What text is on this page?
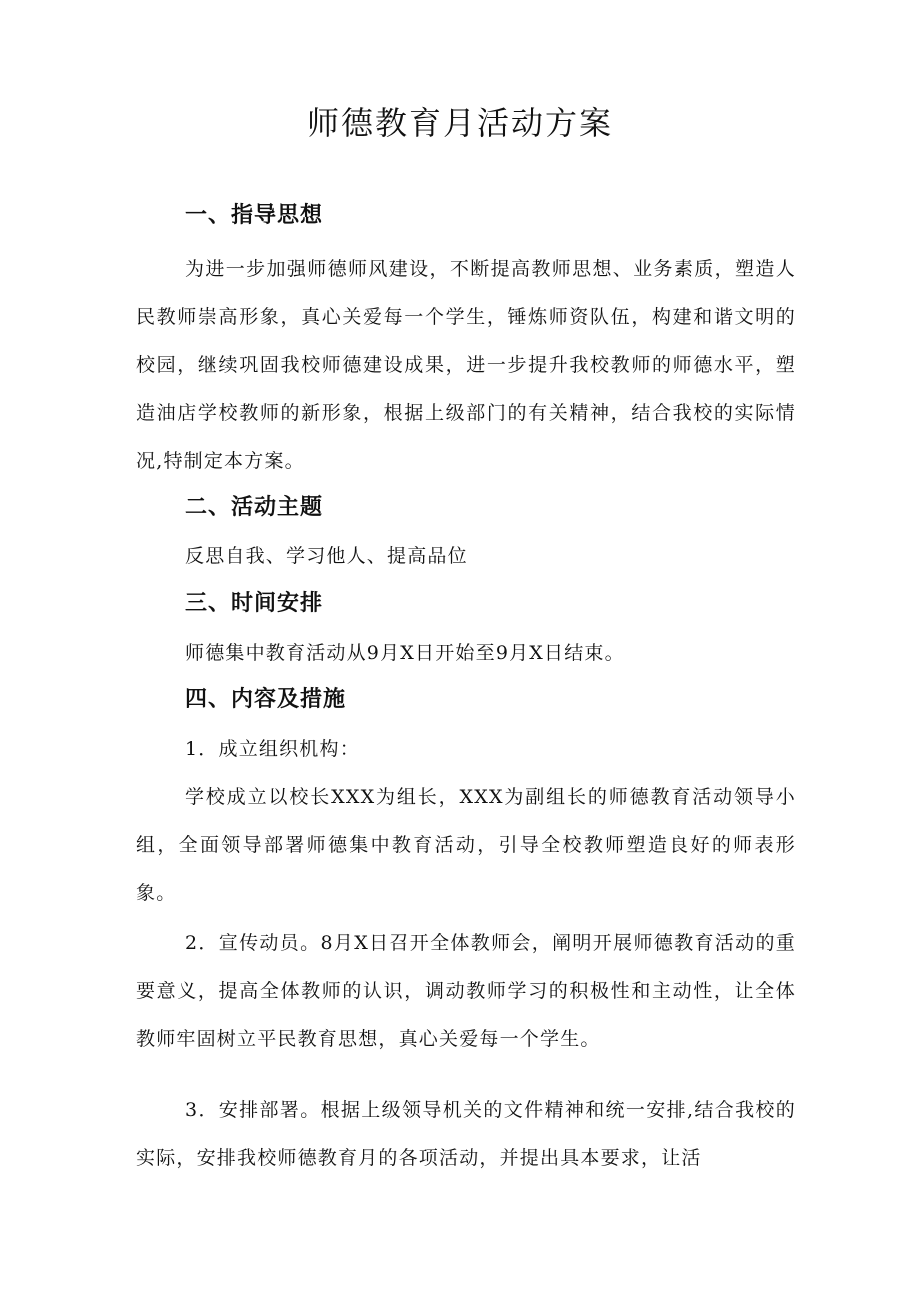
师德教育月活动方案
一、指导思想

为进一步加强师德师风建设，不断提高教师思想、业务素质，塑造人民教师崇高形象，真心关爱每一个学生，锤炼师资队伍，构建和谐文明的校园，继续巩固我校师德建设成果，进一步提升我校教师的师德水平，塑造油店学校教师的新形象，根据上级部门的有关精神，结合我校的实际情况,特制定本方案。

二、活动主题

反思自我、学习他人、提高品位

三、时间安排

师德集中教育活动从9月X日开始至9月X日结束。

四、内容及措施

1．成立组织机构：

学校成立以校长XXX为组长，XXX为副组长的师德教育活动领导小组，全面领导部署师德集中教育活动，引导全校教师塑造良好的师表形象。

2．宣传动员。8月X日召开全体教师会，阐明开展师德教育活动的重要意义，提高全体教师的认识，调动教师学习的积极性和主动性，让全体教师牢固树立平民教育思想，真心关爱每一个学生。

3．安排部署。根据上级领导机关的文件精神和统一安排,结合我校的实际，安排我校师德教育月的各项活动，并提出具本要求，让活
